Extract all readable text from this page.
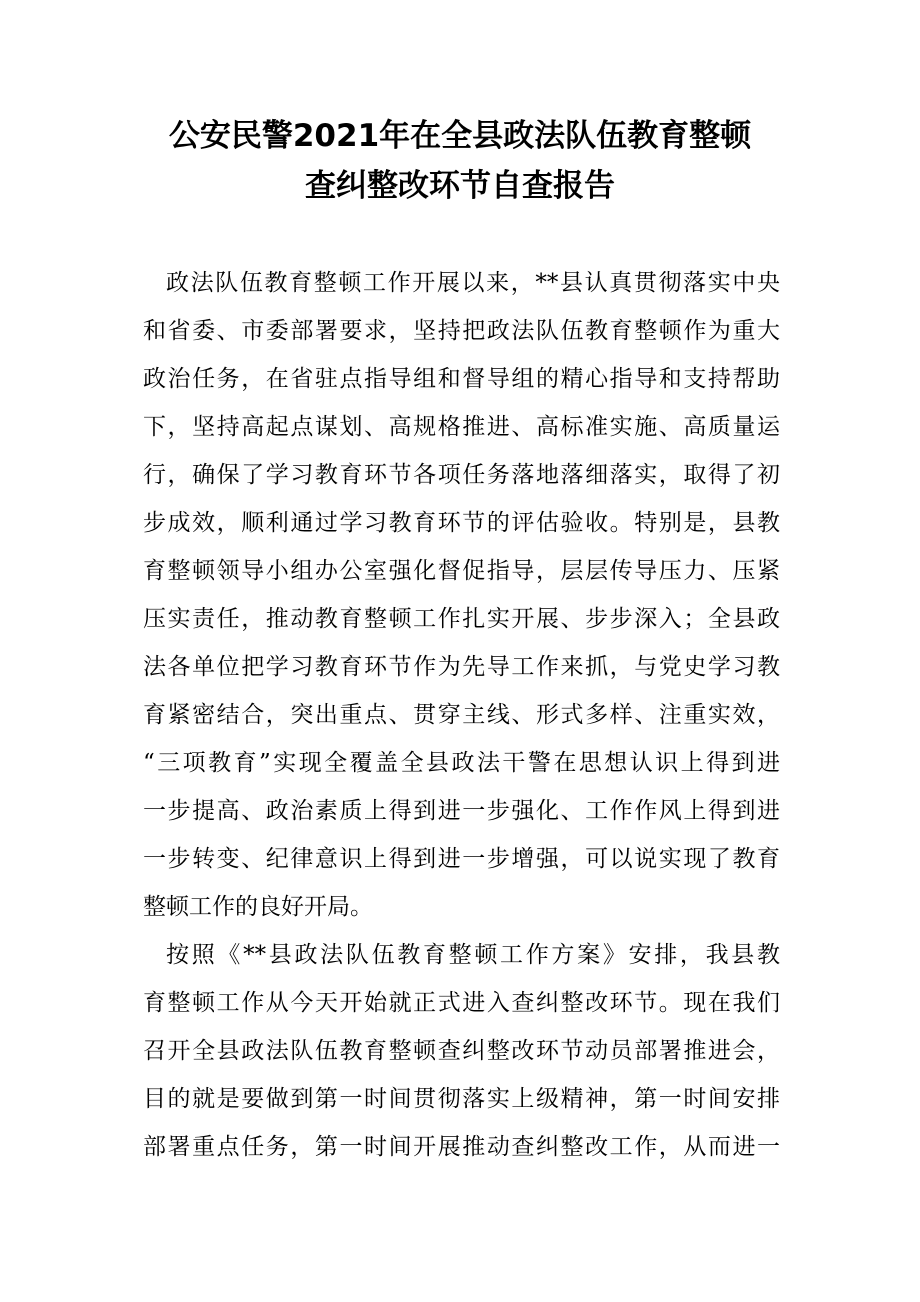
公安民警2021年在全县政法队伍教育整顿
查纠整改环节自查报告
政法队伍教育整顿工作开展以来，**县认真贯彻落实中央
和省委、市委部署要求，坚持把政法队伍教育整顿作为重大
政治任务，在省驻点指导组和督导组的精心指导和支持帮助
下，坚持高起点谋划、高规格推进、高标准实施、高质量运
行，确保了学习教育环节各项任务落地落细落实，取得了初
步成效，顺利通过学习教育环节的评估验收。特别是，县教
育整顿领导小组办公室强化督促指导，层层传导压力、压紧
压实责任，推动教育整顿工作扎实开展、步步深入；全县政
法各单位把学习教育环节作为先导工作来抓，与党史学习教
育紧密结合，突出重点、贯穿主线、形式多样、注重实效，
“三项教育”实现全覆盖全县政法干警在思想认识上得到进
一步提高、政治素质上得到进一步强化、工作作风上得到进
一步转变、纪律意识上得到进一步增强，可以说实现了教育
整顿工作的良好开局。
按照《**县政法队伍教育整顿工作方案》安排，我县教
育整顿工作从今天开始就正式进入查纠整改环节。现在我们
召开全县政法队伍教育整顿查纠整改环节动员部署推进会，
目的就是要做到第一时间贯彻落实上级精神，第一时间安排
部署重点任务，第一时间开展推动查纠整改工作，从而进一
